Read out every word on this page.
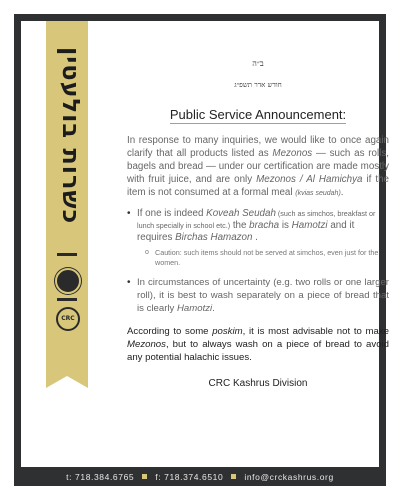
כשרות בולעטין
CRC

ב״ה

חודש אדר תשפ״ג

Public Service Announcement:

In response to many inquiries, we would like to once again clarify that all products listed as Mezonos — such as rolls, bagels and bread — under our certification are made mostly with fruit juice, and are only Mezonos / Al Hamichya if the item is not consumed at a formal meal (kvias seudah).

• If one is indeed Koveah Seudah (such as simchos, breakfast or lunch specially in school etc.) the bracha is Hamotzi and it requires Birchas Hamazon .
o Caution: such items should not be served at simchos, even just for the women.
• In circumstances of uncertainty (e.g. two rolls or one larger roll), it is best to wash separately on a piece of bread that is clearly Hamotzi.

According to some poskim, it is most advisable not to make Mezonos, but to always wash on a piece of bread to avoid any potential halachic issues.

CRC Kashrus Division

t: 718.384.6765 f: 718.374.6510 info@crckashrus.org
